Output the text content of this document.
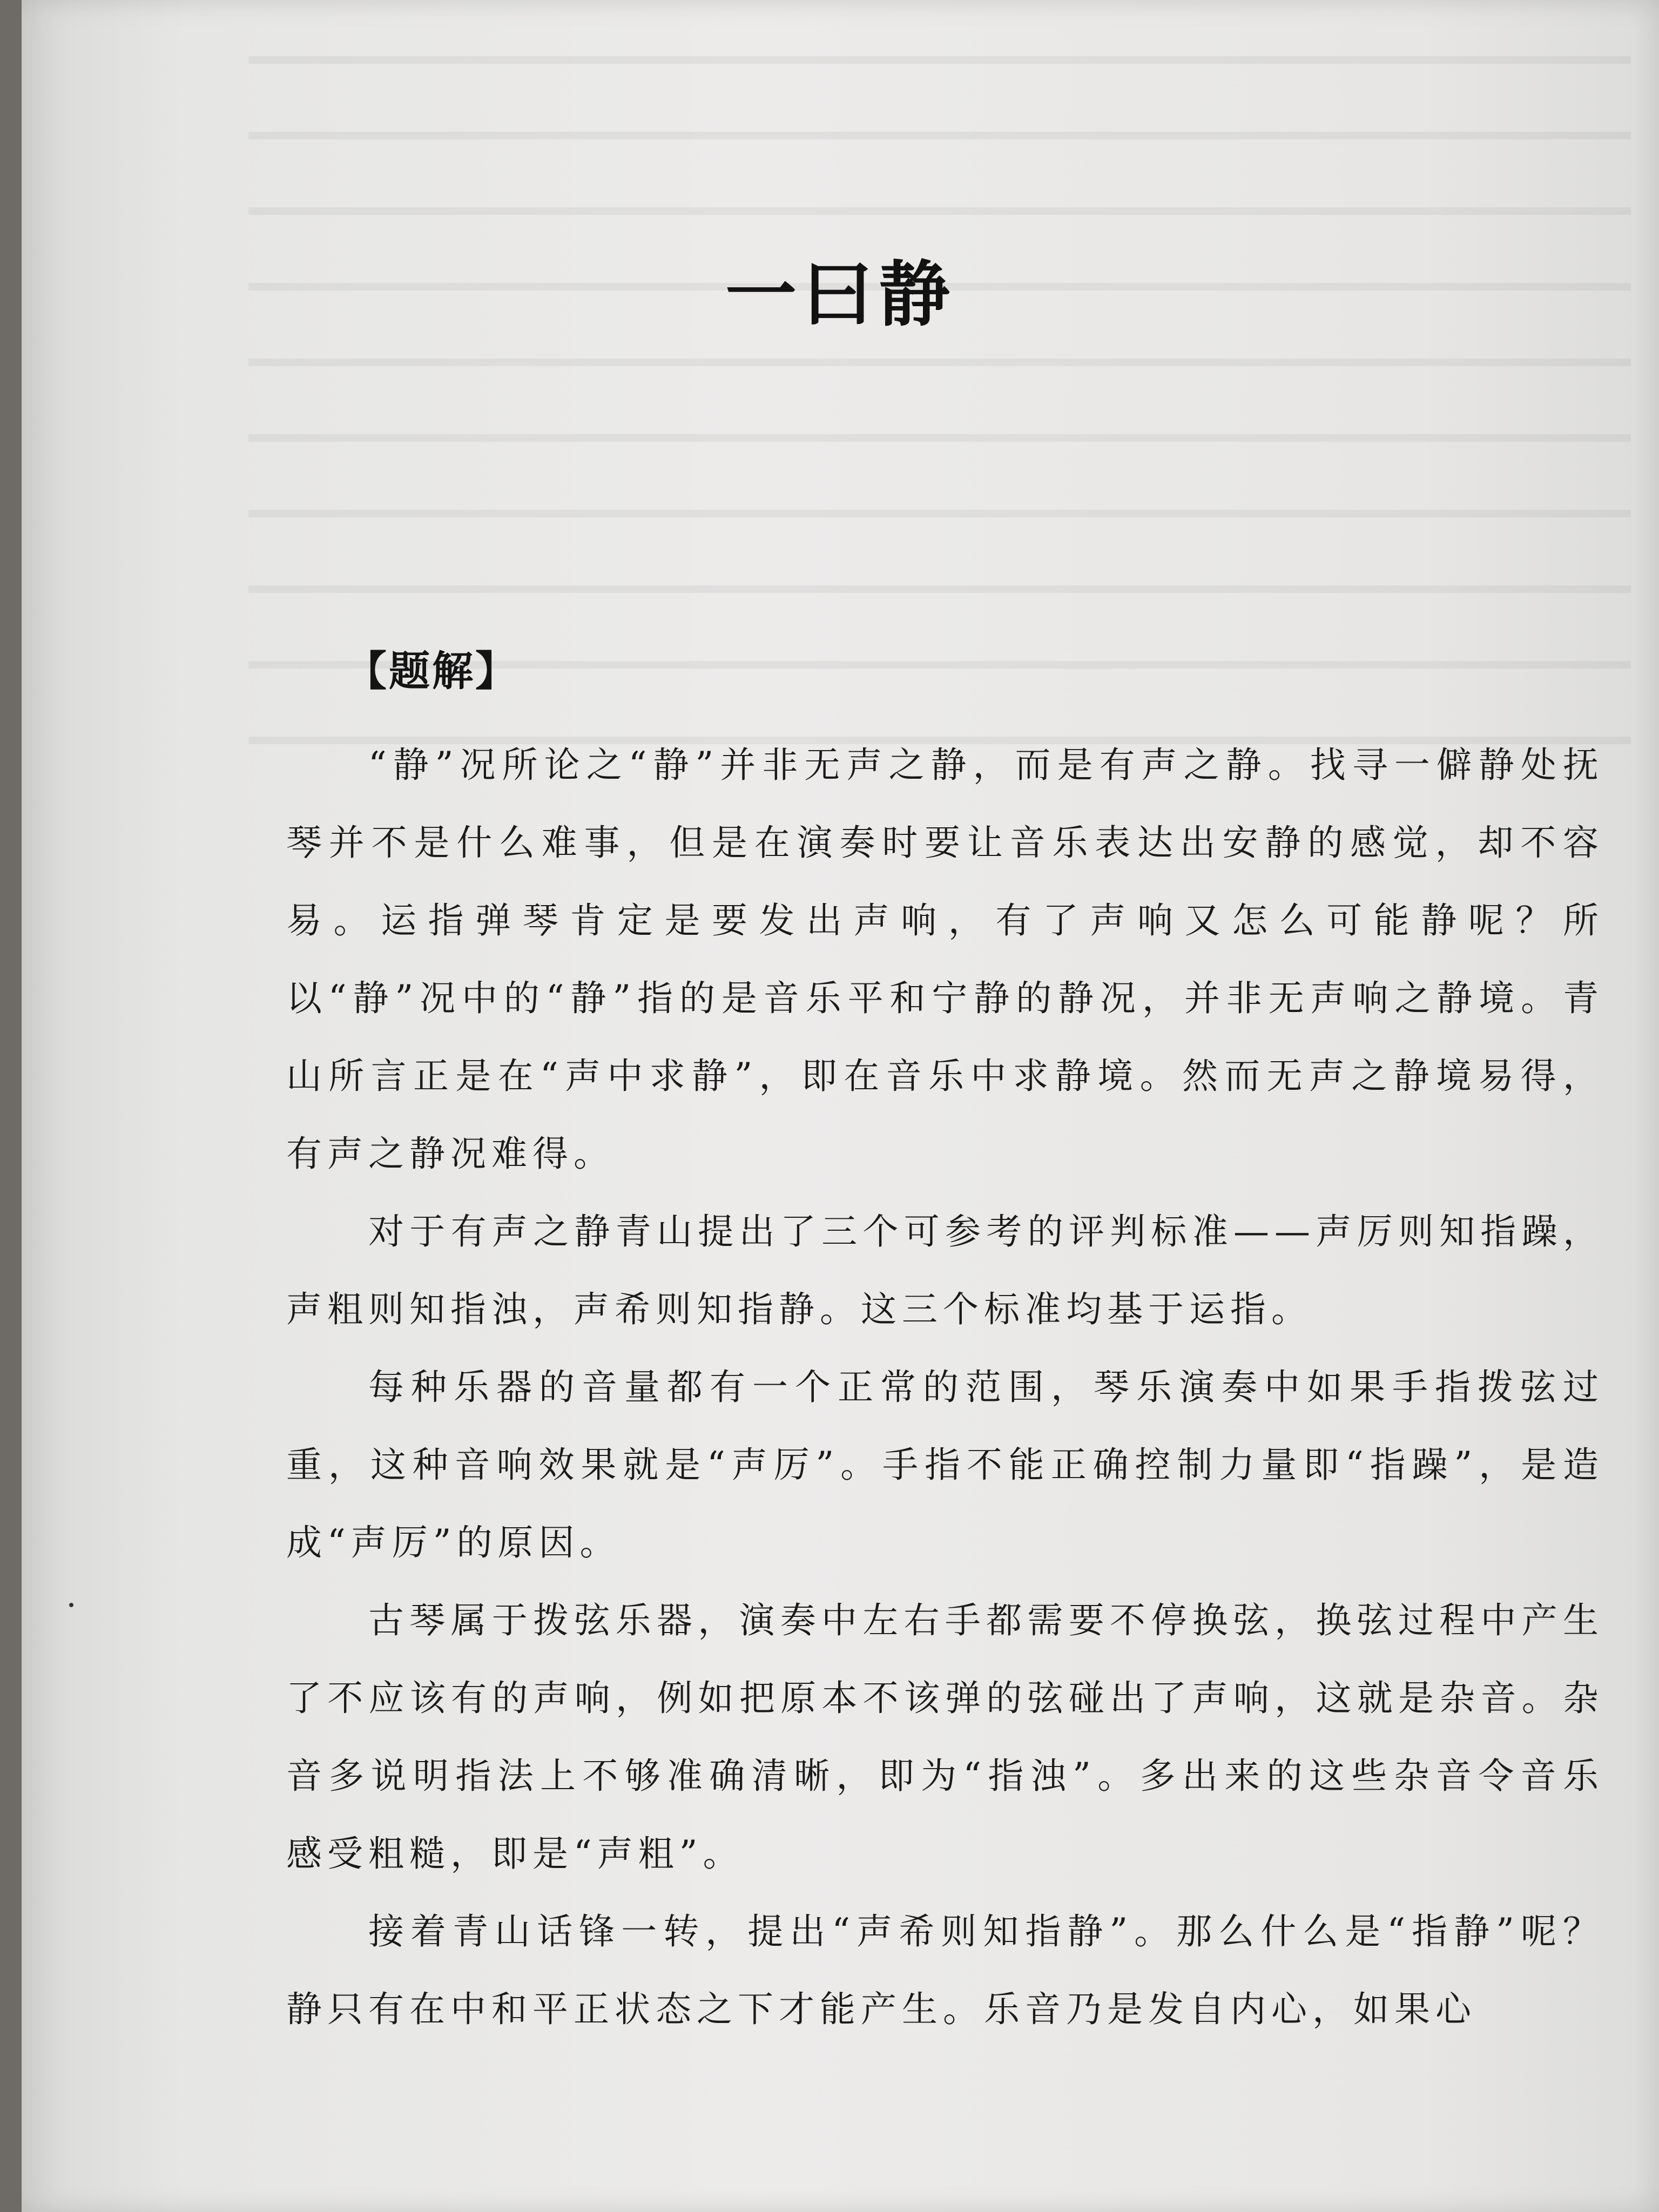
一曰静
【题解】

“静”况所论之“静”并非无声之静，而是有声之静。找寻一僻静处抚琴并不是什么难事，但是在演奏时要让音乐表达出安静的感觉，却不容易。运指弹琴肯定是要发出声响，有了声响又怎么可能静呢？所以“静”况中的“静”指的是音乐平和宁静的静况，并非无声响之静境。青山所言正是在“声中求静”，即在音乐中求静境。然而无声之静境易得，有声之静况难得。

对于有声之静青山提出了三个可参考的评判标准——声厉则知指躁，声粗则知指浊，声希则知指静。这三个标准均基于运指。

每种乐器的音量都有一个正常的范围，琴乐演奏中如果手指拨弦过重，这种音响效果就是“声厉”。手指不能正确控制力量即“指躁”，是造成“声厉”的原因。

古琴属于拨弦乐器，演奏中左右手都需要不停换弦，换弦过程中产生了不应该有的声响，例如把原本不该弹的弦碰出了声响，这就是杂音。杂音多说明指法上不够准确清晰，即为“指浊”。多出来的这些杂音令音乐感受粗糙，即是“声粗”。

接着青山话锋一转，提出“声希则知指静”。那么什么是“指静”呢？静只有在中和平正状态之下才能产生。乐音乃是发自内心，如果心
